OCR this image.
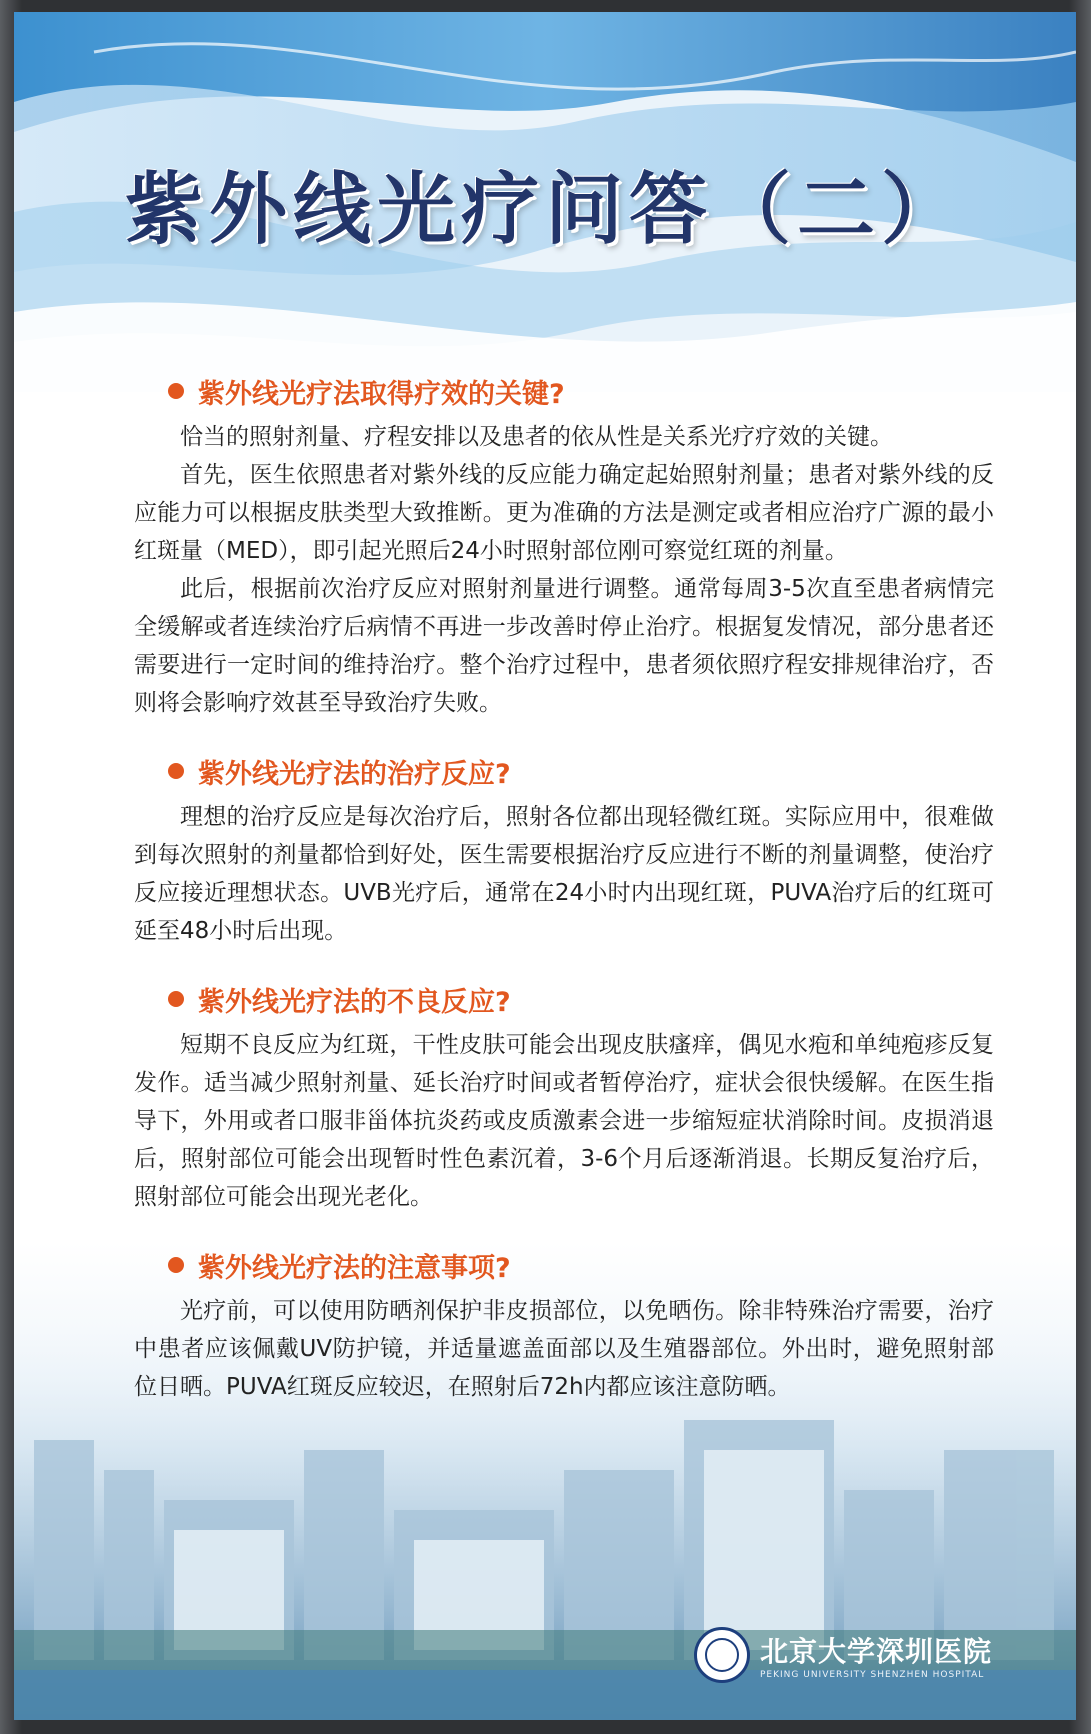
紫外线光疗问答（二）
紫外线光疗法取得疗效的关键?

恰当的照射剂量、疗程安排以及患者的依从性是关系光疗疗效的关键。

首先，医生依照患者对紫外线的反应能力确定起始照射剂量；患者对紫外线的反应能力可以根据皮肤类型大致推断。更为准确的方法是测定或者相应治疗广源的最小红斑量（MED），即引起光照后24小时照射部位刚可察觉红斑的剂量。

此后，根据前次治疗反应对照射剂量进行调整。通常每周3-5次直至患者病情完全缓解或者连续治疗后病情不再进一步改善时停止治疗。根据复发情况，部分患者还需要进行一定时间的维持治疗。整个治疗过程中，患者须依照疗程安排规律治疗，否则将会影响疗效甚至导致治疗失败。

紫外线光疗法的治疗反应?

理想的治疗反应是每次治疗后，照射各位都出现轻微红斑。实际应用中，很难做到每次照射的剂量都恰到好处，医生需要根据治疗反应进行不断的剂量调整，使治疗反应接近理想状态。UVB光疗后，通常在24小时内出现红斑，PUVA治疗后的红斑可延至48小时后出现。

紫外线光疗法的不良反应?

短期不良反应为红斑，干性皮肤可能会出现皮肤瘙痒，偶见水疱和单纯疱疹反复发作。适当减少照射剂量、延长治疗时间或者暂停治疗，症状会很快缓解。在医生指导下，外用或者口服非甾体抗炎药或皮质激素会进一步缩短症状消除时间。皮损消退后，照射部位可能会出现暂时性色素沉着，3-6个月后逐渐消退。长期反复治疗后，照射部位可能会出现光老化。

紫外线光疗法的注意事项?

光疗前，可以使用防晒剂保护非皮损部位，以免晒伤。除非特殊治疗需要，治疗中患者应该佩戴UV防护镜，并适量遮盖面部以及生殖器部位。外出时，避免照射部位日晒。PUVA红斑反应较迟，在照射后72h内都应该注意防晒。

北京大学深圳医院
PEKING UNIVERSITY SHENZHEN HOSPITAL
